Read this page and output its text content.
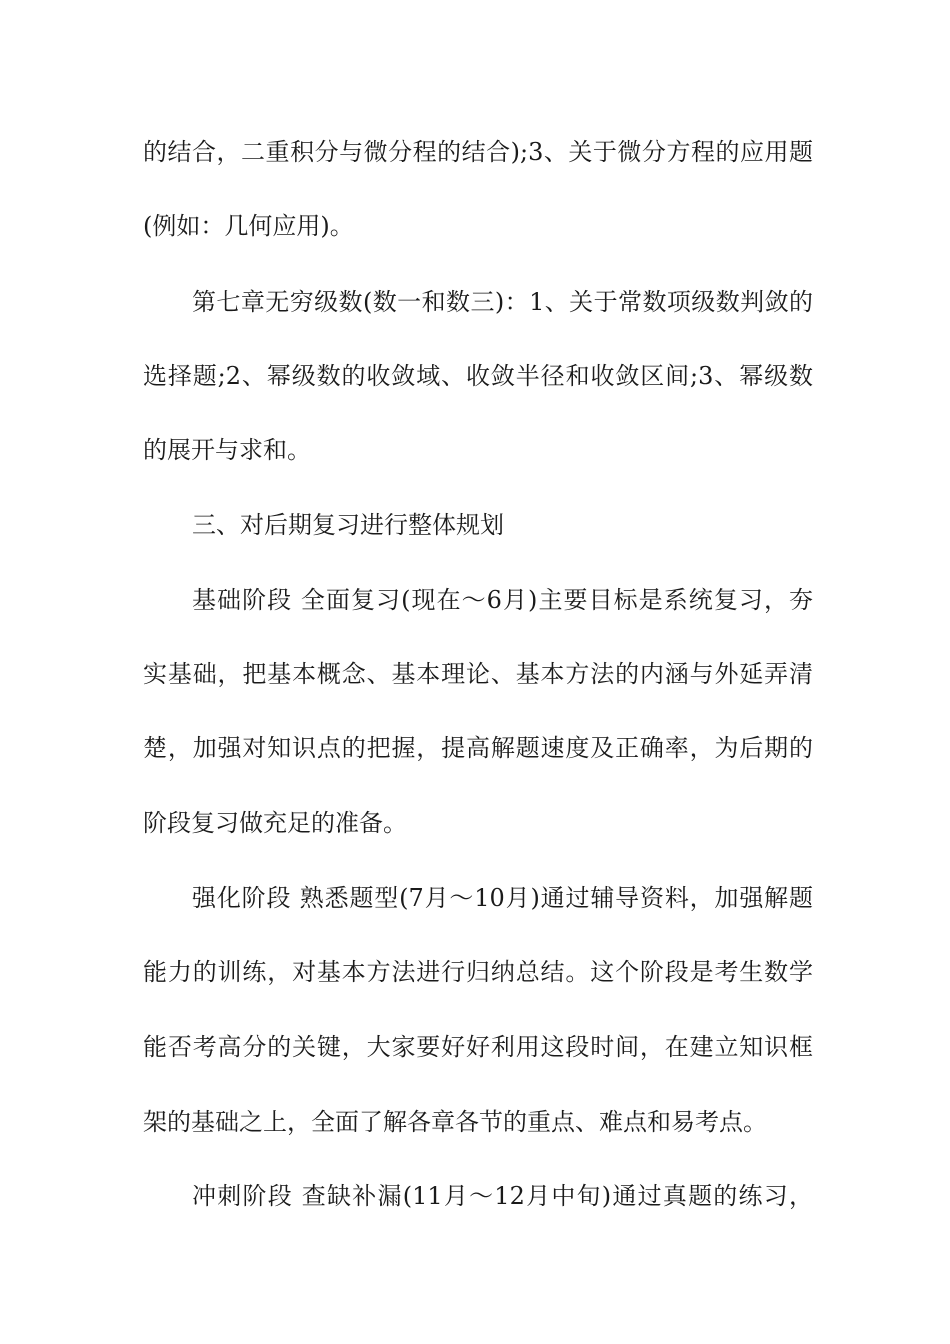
的结合，二重积分与微分程的结合);3、关于微分方程的应用题
(例如：几何应用)。
第七章无穷级数(数一和数三)：1、关于常数项级数判敛的
选择题;2、幂级数的收敛域、收敛半径和收敛区间;3、幂级数
的展开与求和。
三、对后期复习进行整体规划
基础阶段 全面复习(现在～6月)主要目标是系统复习，夯
实基础，把基本概念、基本理论、基本方法的内涵与外延弄清
楚，加强对知识点的把握，提高解题速度及正确率，为后期的
阶段复习做充足的准备。
强化阶段 熟悉题型(7月～10月)通过辅导资料，加强解题
能力的训练，对基本方法进行归纳总结。这个阶段是考生数学
能否考高分的关键，大家要好好利用这段时间，在建立知识框
架的基础之上，全面了解各章各节的重点、难点和易考点。
冲刺阶段 查缺补漏(11月～12月中旬)通过真题的练习，
